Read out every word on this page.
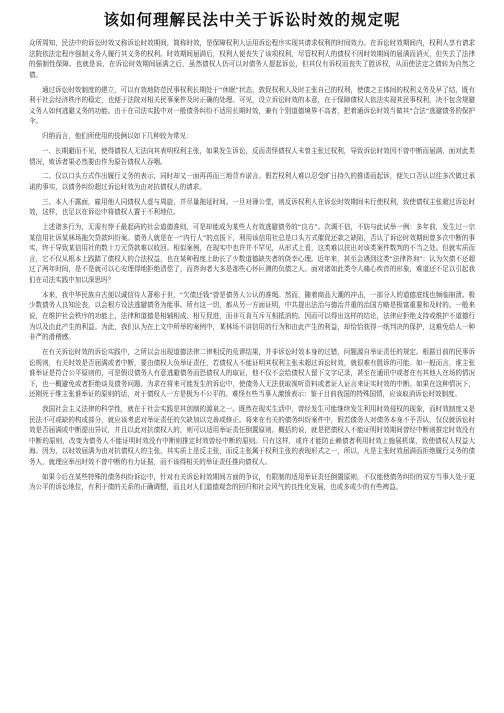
该如何理解民法中关于诉讼时效的规定呢

众所周知，民法中的诉讼时效又称诉讼时效期间，简称时效，是保障权利人运用诉讼程序实现其请求权利的时间效力。在诉讼时效期间内，权利人享有请求法院依法定程序强制义务人履行其义务的权利。时效期间届满后，权利人便丧失了该项权利，尽管权利人的债权不因时效期间的届满而消灭，但失去了法律的强制性保障。也就是说，在诉讼时效期间届满之后，虽然债权人仍可以对债务人提起诉讼，但其仅有诉权而丧失了胜诉权，从而使法定之债转为自然之债。

通过诉讼时效制度的建立，可以有效地防范民事权利长期处于“休眠”状态，敦促权利人及时主张自己的权利，使债之主体间的权利义务及早了结，既有利于社会经济秩序的稳定，也便于法院对相关民事案件及时正确的处理。可见，设立诉讼时效的本意，在于保障债权人依法实现其民事权利，决不包含规避义务人如何逃避义务的功能。由于在司法实践中对一般债务纠纷不适用长期时效，兼有个别道德境界不高者，把着通诉讼时效当做其“合法”逃避债务的保护伞。

归纳而言，他们所使用的伎俩以如下几种较为常见：

一、长期避而不见，使得债权人无法向其表明权利主张，如果发生诉讼，反而责怪债权人未曾主张过权利，导致诉讼时效因不曾中断而届满，面对此类情况，败诉者果必然要由作为原告债权人吞咽。

二、仅以口头方式作出履行义务的表示，同时却又一面再再而三地背弃诺言。假若权利人难以忍受旷日持久的推诿而起诉，便矢口否认以往多次做过承诺的事实，以债务纠纷超过诉讼时效为由对抗债权人的请求。

三、本人不露面，雇用他人同债权人虚与周旋，并尽量拖延时间。一旦对簿公堂，则反诉权利人在诉讼时效期间未行使权利，致使债权主张超过诉讼时效，这样，也足以在诉讼中将债权人置于不利地位。

上述诸多行为，无需有悖于最起码的社会道德准则，可是却能成为某些人有效逃避债务的“良方”。次调不信，不妨与此试举一例：多年前，发生过一宗某信用社诉某林场拖欠贷款纠纷案。债务人就是在一“内行人”的点拔下，利用该信用社总是口头方式催促还款之缺陷，否认了诉讼时效期间曾多次中断的事实，终于导致某信用社的数十万元贷款难以收回。相似案例，在现实中也许并不罕见，从形式上看，这类难以扶出对该类案件数判的不当之处。但就实质而言，它不仅从根本上践踏了债权人的合法权益，也在某种程度上助长了少数道德缺失者的侥幸心理。近年来，甚至会遇到这类“法律咨询”：认为欠债不还超过了两年时间，是不是就可以心安理得地拒绝清偿了，而咨询者大多是那些心怀叵测的负债之人。面对诸如此类令人痛心疾首的形象，难道还不足以引起我们在司法实践中加以深思吗？

本来，我中华民族自古便以诚信待人著称于世，“欠债还钱”曾是债务人公认的准绳。然而，随着商品大潮的冲击，一部分人的道德底线也频临崩溃。极少数债务人良知沦丧，以会根方设法逃避债务为能事。所有这一切，都从另一方面证明，中共提出法治与德治并重的治国方略是极富重要和及时的。一般来说，在维护社会秩序的功能上，法律和道德是相辅相成、相互促进，而非互肯互斥互相抵消的。因而可以得出这样的结论，法律应拒绝支持或维护不道德行为以及由此产生的利益。为此，我们认为在上文中所举的案例中，某林场不讲信用的行为和由此产生的利益，却恰恰获得一纸判决的保护，这难免给人一种非严的滑稽感。

在有关诉讼时效的诉讼实践中，之所以会出现道德法律二律相反的荒谬结果，并非诉讼时效本身的过错，问题源自举证责任的规定。根据目前的民事诉讼规则，有关时效是否届满或者中断，要由债权人负举证责任，若债权人不能证明其权利主张未超过诉讼时效，就很难有胜诉的可能。如一般而言，谁主张谁举证是符合公平原则的，可是假设债务人有意逃避债务而恐债权人的取证，他不仅不会给债权人留下文字记录，甚至在通讯中或者在有其他人在场的情况下，也一概避免或者拒绝谈及债务问题。为求在将来可能发生的诉讼中，使债务人无法获取视听资料或者证人证言来证实时效的中断。如果在这种情况下，还刚死于维主张谁举证的原则的话，对于债权人一方是极为不公平的。难怪有些当事人激愤表示：鉴于目前我国的特殊国情，应该取消诉讼时效制度。

我国社会主义法律的科学性，就在于社会实践是其创制的源泉之一。既然在现实生活中，曾经发生可能继续发生利用时效侵权的现象，而时效制度又是民法不可或缺的构成部分，就应该考虑对举证责任的欠缺加以完善或修正。将来在有关的债务纠纷案件中，假若债务人对债务本身不予否认，仅仅就诉讼时效是否届满或中断提出异议，并且以此对抗债权人的，则可以适用举证责任倒置原则。概括的说，就是把债权人不能证明时效期间曾经中断则推定时效没有中断的原则，改变为债务人不能证明时效没有中断则推定时效曾经中断的原则。只有这样，或许才能防止赖债者利用时效上施展机谋，致使债权人权益大海。因为，以时效届满为由对抗债权人的主张，其实质上是反主张，而反主张属于权利主张的表现形式之一，所以，凡是主张时效届满而拒绝履行义务的债务人，就理应举出时效不曾中断的有力证据，而不该得相关的举证责任推向债权人。

如果今后在某些特殊的债务纠纷诉讼中，针对有关诉讼时效期间方面的争议，有限制的适用举证责任倒置原则，不仅能使债务纠纷的双方当事人处于更为公平的诉讼地位，有利于债的关系的正确调整，而且对人们道德观念的回归和社会风气的良性化发展，也或多或少的有些裨益。
